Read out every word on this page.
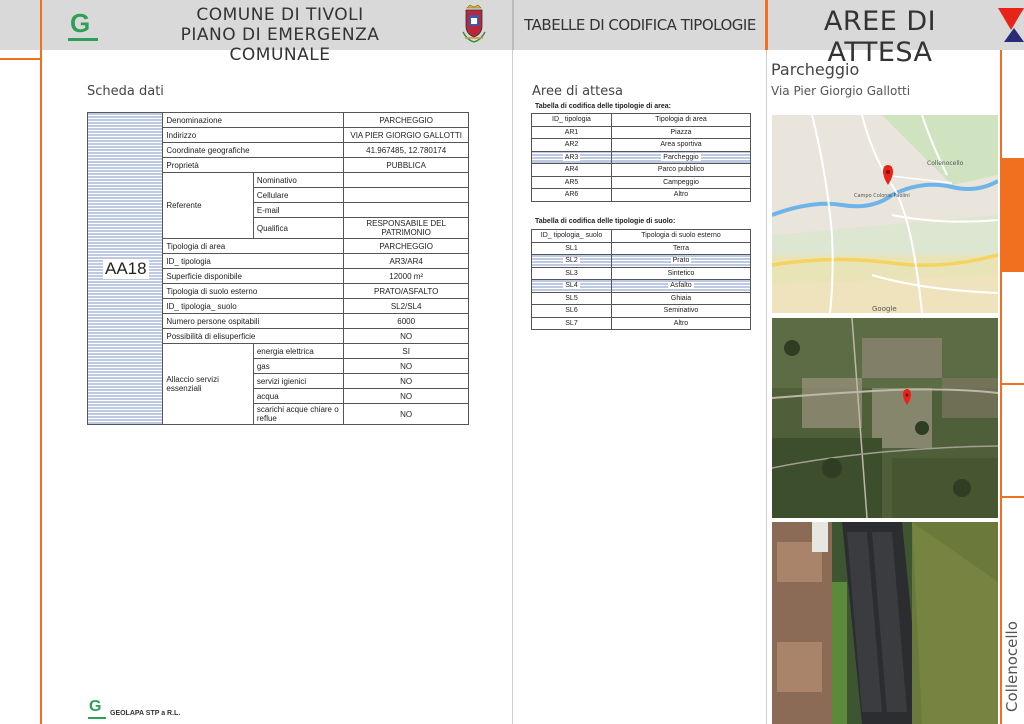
G	COMUNE DI TIVOLI
PIANO DI EMERGENZA COMUNALE
TABELLE DI CODIFICA TIPOLOGIE	AREE DI ATTESA
Scheda dati
AA18	Denominazione		PARCHEGGIO
	Indirizzo		VIA PIER GIORGIO GALLOTTI
	Coordinate geografiche		41.967485, 12.780174
	Proprietà		PUBBLICA
	Referente	Nominativo	
		Cellulare	
		E-mail	
		Qualifica	RESPONSABILE DEL PATRIMONIO
	Tipologia di area		PARCHEGGIO
	ID_ tipologia		AR3/AR4
	Superficie disponibile		12000 m²
	Tipologia di suolo esterno		PRATO/ASFALTO
	ID_ tipologia_ suolo		SL2/SL4
	Numero persone ospitabili		6000
	Possibilità di elisuperficie		NO
	Allaccio servizi essenziali	energia elettrica	SI
		gas	NO
		servizi igienici	NO
		acqua	NO
		scarichi acque chiare o reflue	NO
Aree di attesa
Tabella di codifica delle tipologie di area:
ID_ tipologia	Tipologia di area
AR1	Piazza
AR2	Area sportiva
AR3	Parcheggio
AR4	Parco pubblico
AR5	Campeggio
AR6	Altro
Tabella di codifica delle tipologie di suolo:
ID_ tipologia_ suolo	Tipologia di suolo esterno
SL1	Terra
SL2	Prato
SL3	Sintetico
SL4	Asfalto
SL5	Ghiaia
SL6	Seminativo
SL7	Altro
Parcheggio
Via Pier Giorgio Gallotti
Collenocello
Campo Colonia Paolini
Google
Collenocello
G GEOLAPA STP a R.L.
